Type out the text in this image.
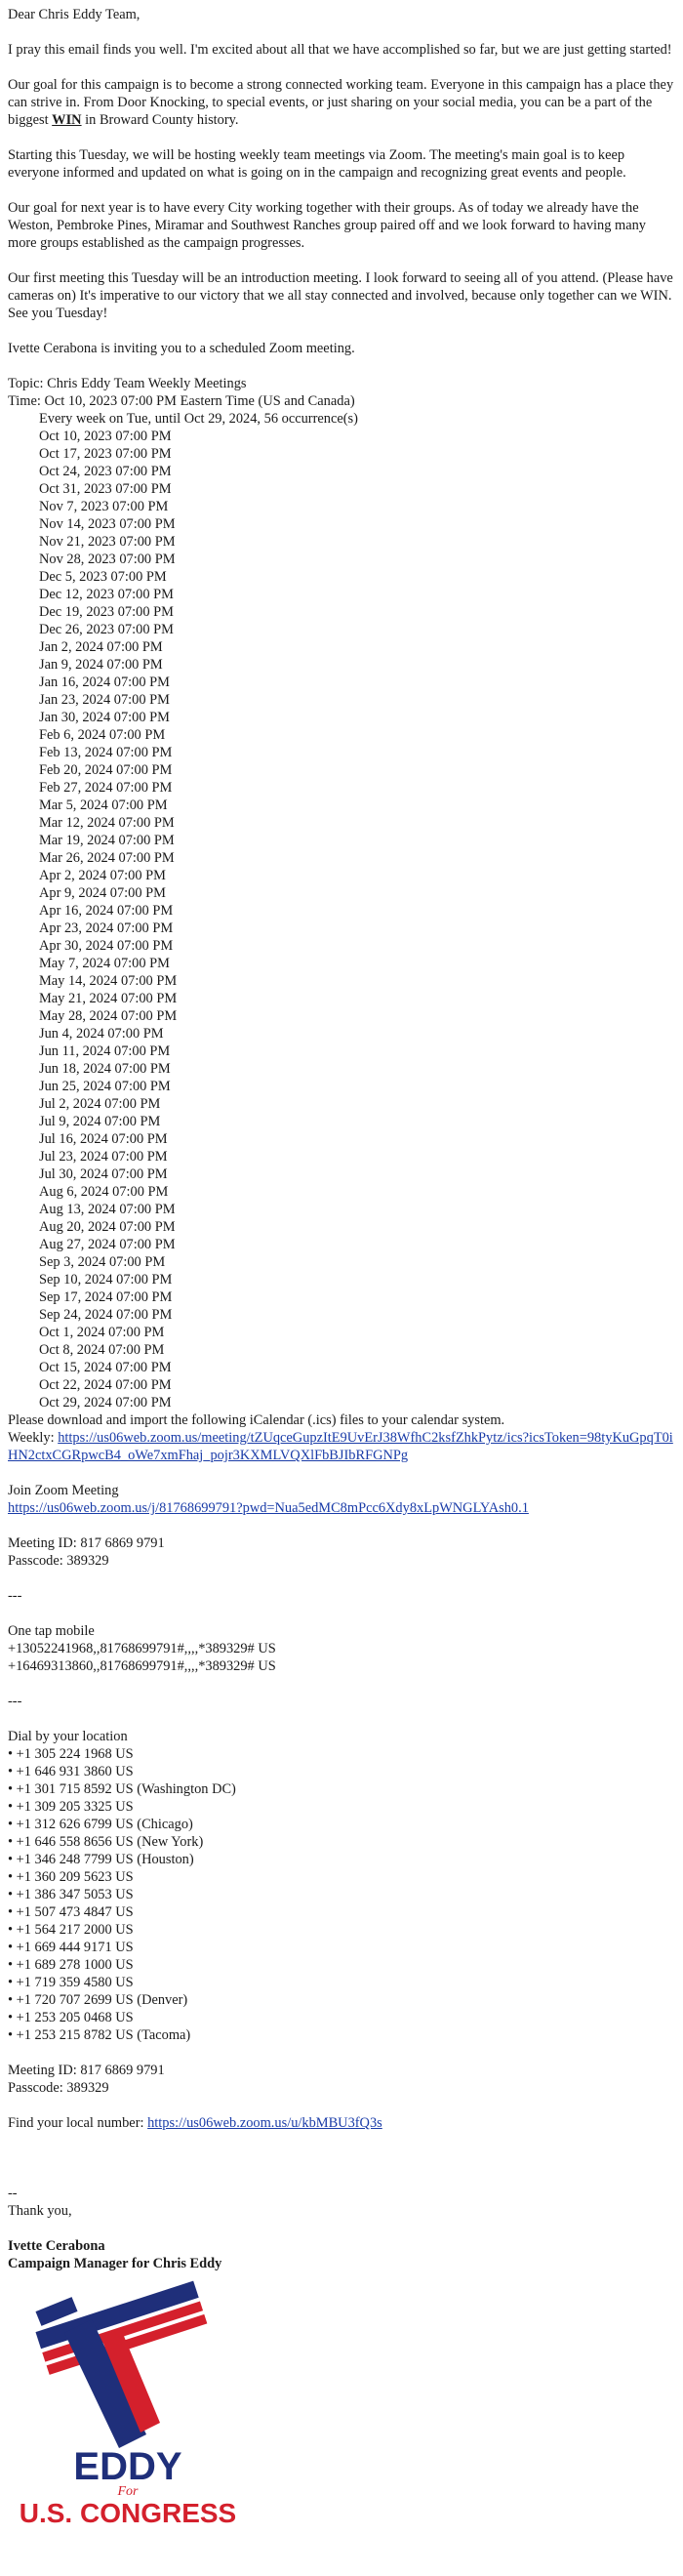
Dear Chris Eddy Team,

I pray this email finds you well. I'm excited about all that we have accomplished so far, but we are just getting started!

Our goal for this campaign is to become a strong connected working team. Everyone in this campaign has a place they can strive in. From Door Knocking, to special events, or just sharing on your social media, you can be a part of the biggest WIN in Broward County history.

Starting this Tuesday, we will be hosting weekly team meetings via Zoom. The meeting's main goal is to keep everyone informed and updated on what is going on in the campaign and recognizing great events and people.

Our goal for next year is to have every City working together with their groups. As of today we already have the Weston, Pembroke Pines, Miramar and Southwest Ranches group paired off and we look forward to having many more groups established as the campaign progresses.

Our first meeting this Tuesday will be an introduction meeting. I look forward to seeing all of you attend. (Please have cameras on) It's imperative to our victory that we all stay connected and involved, because only together can we WIN. See you Tuesday!

Ivette Cerabona is inviting you to a scheduled Zoom meeting.

Topic: Chris Eddy Team Weekly Meetings
Time: Oct 10, 2023 07:00 PM Eastern Time (US and Canada)
Every week on Tue, until Oct 29, 2024, 56 occurrence(s)
Oct 10, 2023 07:00 PM
Oct 17, 2023 07:00 PM
Oct 24, 2023 07:00 PM
Oct 31, 2023 07:00 PM
Nov 7, 2023 07:00 PM
Nov 14, 2023 07:00 PM
Nov 21, 2023 07:00 PM
Nov 28, 2023 07:00 PM
Dec 5, 2023 07:00 PM
Dec 12, 2023 07:00 PM
Dec 19, 2023 07:00 PM
Dec 26, 2023 07:00 PM
Jan 2, 2024 07:00 PM
Jan 9, 2024 07:00 PM
Jan 16, 2024 07:00 PM
Jan 23, 2024 07:00 PM
Jan 30, 2024 07:00 PM
Feb 6, 2024 07:00 PM
Feb 13, 2024 07:00 PM
Feb 20, 2024 07:00 PM
Feb 27, 2024 07:00 PM
Mar 5, 2024 07:00 PM
Mar 12, 2024 07:00 PM
Mar 19, 2024 07:00 PM
Mar 26, 2024 07:00 PM
Apr 2, 2024 07:00 PM
Apr 9, 2024 07:00 PM
Apr 16, 2024 07:00 PM
Apr 23, 2024 07:00 PM
Apr 30, 2024 07:00 PM
May 7, 2024 07:00 PM
May 14, 2024 07:00 PM
May 21, 2024 07:00 PM
May 28, 2024 07:00 PM
Jun 4, 2024 07:00 PM
Jun 11, 2024 07:00 PM
Jun 18, 2024 07:00 PM
Jun 25, 2024 07:00 PM
Jul 2, 2024 07:00 PM
Jul 9, 2024 07:00 PM
Jul 16, 2024 07:00 PM
Jul 23, 2024 07:00 PM
Jul 30, 2024 07:00 PM
Aug 6, 2024 07:00 PM
Aug 13, 2024 07:00 PM
Aug 20, 2024 07:00 PM
Aug 27, 2024 07:00 PM
Sep 3, 2024 07:00 PM
Sep 10, 2024 07:00 PM
Sep 17, 2024 07:00 PM
Sep 24, 2024 07:00 PM
Oct 1, 2024 07:00 PM
Oct 8, 2024 07:00 PM
Oct 15, 2024 07:00 PM
Oct 22, 2024 07:00 PM
Oct 29, 2024 07:00 PM
Please download and import the following iCalendar (.ics) files to your calendar system.

Weekly: https://us06web.zoom.us/meeting/tZUqceGupzItE9UvErJ38WfhC2ksfZhkPytz/ics?icsToken=98tyKuGpqT0iHN2ctxCGRpwcB4_oWe7xmFhaj_pojr3KXMLVQXlFbBJIbRFGNPg

Join Zoom Meeting

https://us06web.zoom.us/j/81768699791?pwd=Nua5edMC8mPcc6Xdy8xLpWNGLYAsh0.1

Meeting ID: 817 6869 9791

Passcode: 389329

---

One tap mobile
+13052241968,,81768699791#,,,,*389329# US

+16469313860,,81768699791#,,,,*389329# US

---

Dial by your location
• +1 305 224 1968 US
• +1 646 931 3860 US
• +1 301 715 8592 US (Washington DC)
• +1 309 205 3325 US
• +1 312 626 6799 US (Chicago)
• +1 646 558 8656 US (New York)
• +1 346 248 7799 US (Houston)
• +1 360 209 5623 US
• +1 386 347 5053 US
• +1 507 473 4847 US
• +1 564 217 2000 US
• +1 669 444 9171 US
• +1 689 278 1000 US
• +1 719 359 4580 US
• +1 720 707 2699 US (Denver)
• +1 253 205 0468 US
• +1 253 215 8782 US (Tacoma)
Meeting ID: 817 6869 9791

Passcode: 389329

Find your local number: https://us06web.zoom.us/u/kbMBU3fQ3s

--

Thank you,

Ivette Cerabona
Campaign Manager for Chris Eddy
EDDY
For
U.S. CONGRESS
